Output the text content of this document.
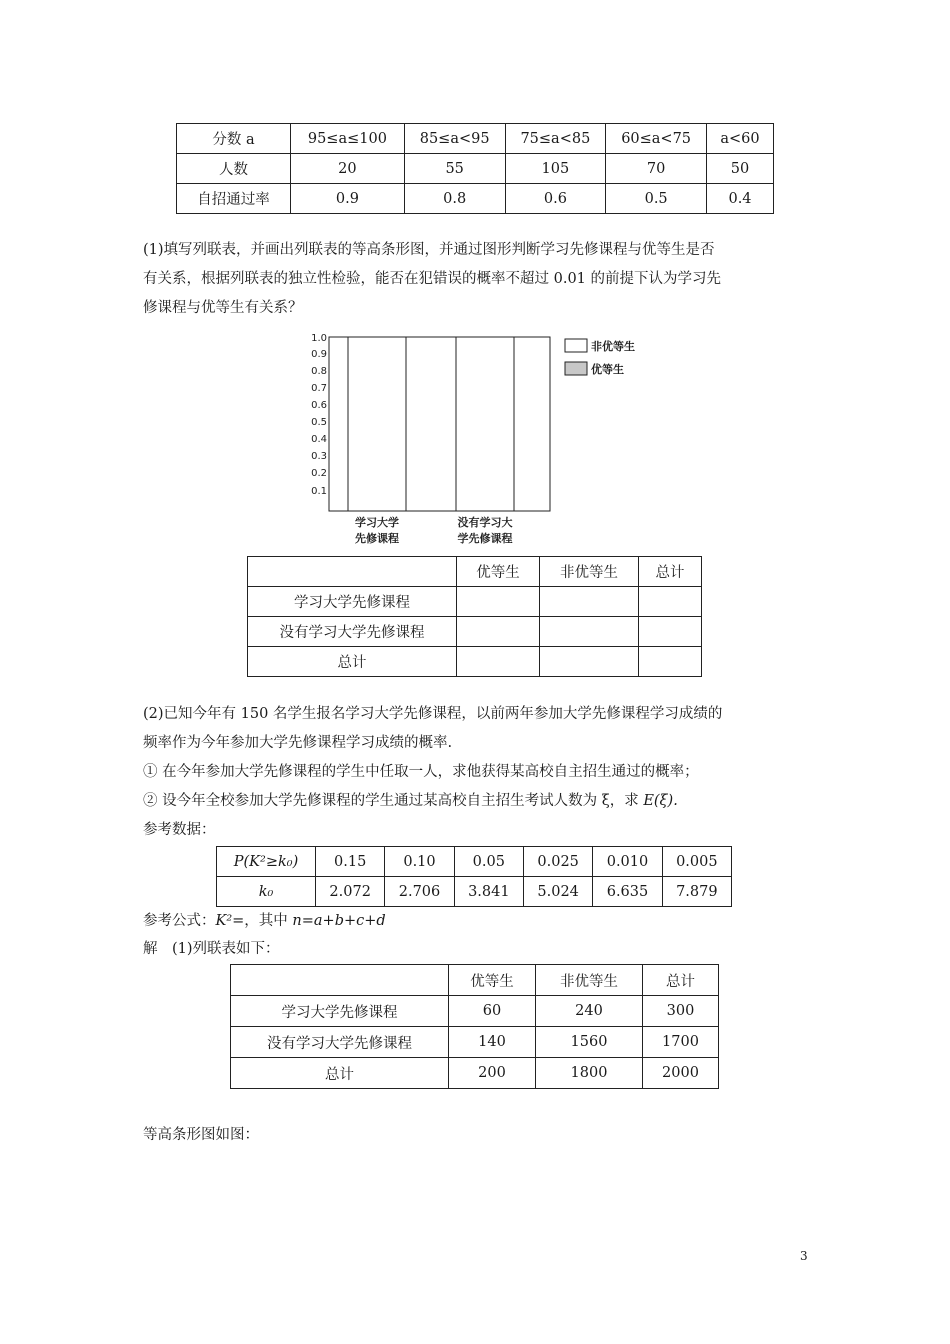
分数 a	95≤a≤100	85≤a<95	75≤a<85	60≤a<75	a<60
人数	20	55	105	70	50
自招通过率	0.9	0.8	0.6	0.5	0.4
(1)填写列联表，并画出列联表的等高条形图，并通过图形判断学习先修课程与优等生是否
有关系，根据列联表的独立性检验，能否在犯错误的概率不超过 0.01 的前提下认为学习先
修课程与优等生有关系？
1.0
0.9
0.8
0.7
0.6
0.5
0.4
0.3
0.2
0.1
学习大学
先修课程
没有学习大
学先修课程
非优等生
优等生
	优等生	非优等生	总计
学习大学先修课程			
没有学习大学先修课程			
总计			
(2)已知今年有 150 名学生报名学习大学先修课程，以前两年参加大学先修课程学习成绩的
频率作为今年参加大学先修课程学习成绩的概率.
① 在今年参加大学先修课程的学生中任取一人，求他获得某高校自主招生通过的概率；
② 设今年全校参加大学先修课程的学生通过某高校自主招生考试人数为 ξ，求 E(ξ).
参考数据：
P(K²≥k₀)	0.15	0.10	0.05	0.025	0.010	0.005
k₀	2.072	2.706	3.841	5.024	6.635	7.879
参考公式：K²=，其中 n=a+b+c+d
解　(1)列联表如下：
	优等生	非优等生	总计
学习大学先修课程	60	240	300
没有学习大学先修课程	140	1560	1700
总计	200	1800	2000
等高条形图如图：
3
